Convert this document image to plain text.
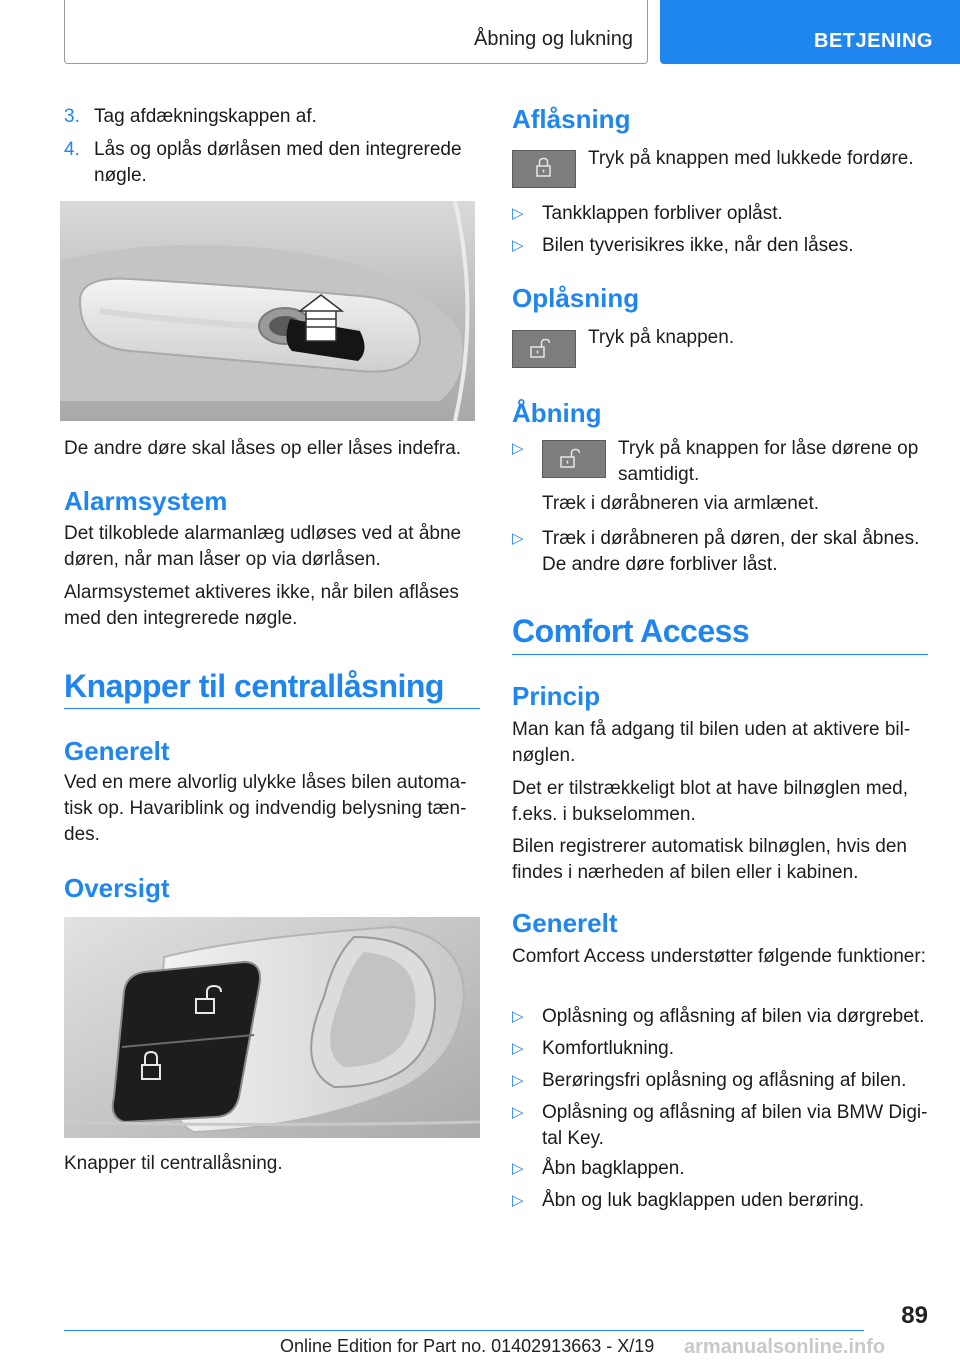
Åbning og lukning	BETJENING
3. Tag afdækningskappen af.
4. Lås og oplås dørlåsen med den integrerede nøgle.

De andre døre skal låses op eller låses indefra.

Alarmsystem

Det tilkoblede alarmanlæg udløses ved at åbne døren, når man låser op via dørlåsen.

Alarmsystemet aktiveres ikke, når bilen aflåses med den integrerede nøgle.

Knapper til centrallåsning
Generelt

Ved en mere alvorlig ulykke låses bilen automatisk op. Havariblink og indvendig belysning tændes.

Oversigt

Knapper til centrallåsning.

Aflåsning

Tryk på knappen med lukkede fordøre.

▷ Tankklappen forbliver oplåst.
▷ Bilen tyverisikres ikke, når den låses.
Oplåsning

Tryk på knappen.

Åbning
▷	Tryk på knappen for låse dørene op samtidigt.

Træk i døråbneren via armlænet.

▷ Træk i døråbneren på døren, der skal åbnes. De andre døre forbliver låst.
Comfort Access
Princip

Man kan få adgang til bilen uden at aktivere bilnøglen.

Det er tilstrækkeligt blot at have bilnøglen med, f.eks. i bukselommen.

Bilen registrerer automatisk bilnøglen, hvis den findes i nærheden af bilen eller i kabinen.

Generelt

Comfort Access understøtter følgende funktioner:

▷ Oplåsning og aflåsning af bilen via dørgrebet.
▷ Komfortlukning.
▷ Berøringsfri oplåsning og aflåsning af bilen.
▷ Oplåsning og aflåsning af bilen via BMW Digital Key.
▷ Åbn bagklappen.
▷ Åbn og luk bagklappen uden berøring.
89
Online Edition for Part no. 01402913663 - X/19 armanualsonline.info
